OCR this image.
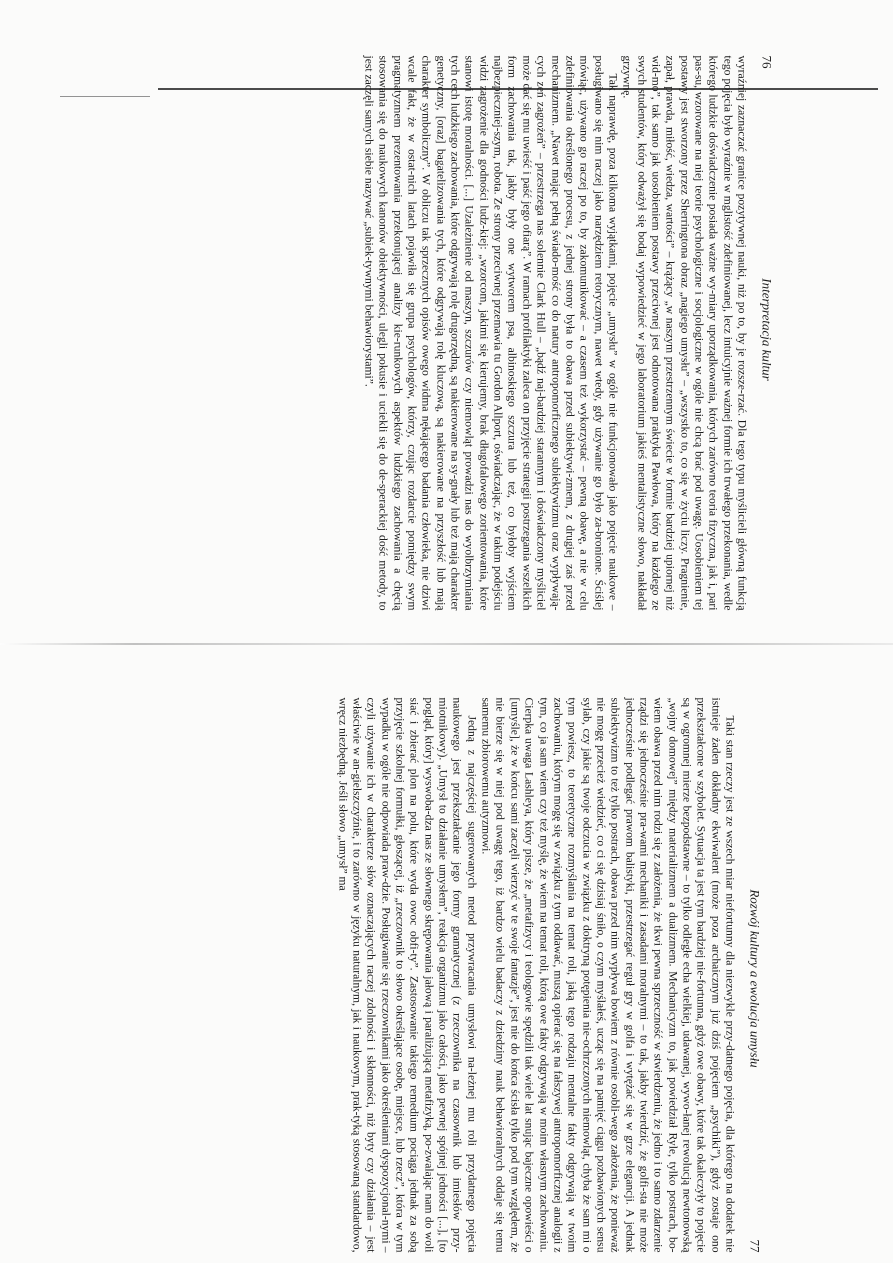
76
Interpretacja kultur

wyraźniej zaznaczać granice pozytywnej nauki, niż po to, by je rozsze-rzać. Dla tego typu myślicieli główną funkcją tego pojęcia było wyraźnie w mglistość zdefiniowanej, lecz intuicyjnie ważnej formie ich trwałego przekonania, wedle którego ludzkie doświadczenie posiada ważne wy-miary uporządkowania, których zarówno teoria fizyczna, jak i, pari pas-su, wzorowane na niej teorie psychologiczne i socjologiczne w ogóle nie chcą brać pod uwagę. Uosobieniem tej postawy jest stworzony przez Sherringtona obraz „nagiego umysłu” – „wszystko to, co się w życiu liczy. Pragnienie, zapał, prawda, miłość, wiedza, wartości” – krążący „w naszym przestrzennym świecie w formie bardziej upiornej niż wid-mo”, tak samo jak uosobieniem postawy przeciwnej jest odnotowana praktyka Pawłowa, który na każdego ze swych studentów, który odważył się bodaj wypowiedzieć w jego laboratorium jakieś mentalistyczne słowo, nakładał grzywnę.

Tak naprawdę, poza kilkoma wyjątkami, pojęcie „umysłu” w ogóle nie funkcjonowało jako pojęcie naukowe – posługiwano się nim raczej jako narzędziem retorycznym, nawet wtedy, gdy używanie go było za-bronione. Ściślej mówiąc, używano go raczej po to, by zakomunikować – a czasem też wykorzystać – pewną obawę, a nie w celu zdefiniowania określonego procesu, z jednej strony była to obawa przed subiektywi-zmem, z drugiej zaś przed mechanizmem. „Nawet mając pełną świado-mość co do natury antropomorficznego subiektywizmu oraz wypływają-cych zeń zagrożeń” – przestrzega nas solennie Clark Hull – „bądź naj-bardziej starannym i doświadczony myśliciel może dać się mu uwieść i paść jego ofiarą”. W ramach profilaktyki zaleca on przyjęcie strategii postrzegania wszelkich form zachowania tak, jakby były one wytworem psa, albinoskiego szczura lub też, co byłoby wyjściem najbezpieczniej-szym, robota. Ze strony przeciwnej przemawia tu Gordon Allport, oświadczając, że w takim podejściu widzi zagrożenie dla godności ludz-kiej: „wzorcom, jakimi się kierujemy, brak długofalowego zorientowania, które stanowi istotę moralności. [...] Uzależnienie od maszyn, szczurów czy niemowląt prowadzi nas do wyolbrzymiania tych cech ludzkiego zachowania, które odgrywają rolę drugorzędną, są nakierowane na sy-gnały lub też mają charakter genetyczny, [oraz] bagatelizowania tych, które odgrywają rolę kluczową, są nakierowane na przyszłość lub mają charakter symboliczny”. W obliczu tak sprzecznych opisów owego widma nękającego badania człowieka, nie dziwi wcale fakt, że w ostat-nich latach pojawiła się grupa psychologów, którzy, czując rozdarcie pomiędzy swym pragmatyzmem prezentowania przekonującej analizy kie-runkowych aspektów ludzkiego zachowania a chęcią stosowania się do naukowych kanonów obiektywności, ulegli pokusie i uciekli się do de-sperackiej dość metody, to jest zaczęli samych siebie nazywać „subiek-tywnymi behawiorystami”.

Rozwój kultury a ewolucja umysłu
77

Taki stan rzeczy jest ze wszech miar niefortunny dla niezwykle przy-datnego pojęcia, dla którego na dodatek nie istnieje żaden dokładny ekwiwalent (może poza archaicznym już dziś pojęciem „psychiki”), gdyż zostaje ono przekształcone w szybolet. Sytuacja ta jest tym bardziej nie-fortunna, gdyż owe obawy, które tak okaleczyły to pojęcie są w ogromnej mierze bezpodstawne – to tylko odległe echa wielkiej, udawanej, wywo-łanej rewolucją newtonowską „wojny domowej” między materializmem a dualizmem. Mechanicyzm to, jak powiedział Ryle, tylko postrach, bo-wiem obawa przed nim rodzi się z założenia, że tkwi pewna sprzeczność w stwierdzeniu, że jedno i to samo zdarzenie rządzi się jednocześnie pra-wami mechaniki i zasadami moralnymi – to tak, jakby twierdzić, że golfi-sta nie może jednocześnie podlegać prawom balistyki, przestrzegać reguł gry w golfa i wytężać się w grze elegancji. A jednak subiektywizm to też tylko postrach, obawa przed nim wypływa bowiem z równie osobli-wego założenia, że ponieważ nie mogę przecież wiedzieć, co ci się dzisiaj śniło, o czym myślałeś, ucząc się na pamięć ciągu pozbawionych sensu sylab, czy jakie są twoje odczucia w związku z doktryną potępienia nie-ochrzczonych niemowląt, chyba że sam mi o tym powiesz, to teoretyczne rozmyślania na temat roli, jaką tego rodzaju mentalne fakty odgrywają w twoim zachowaniu, którym mogę się w związku z tym oddawać, muszą opierać się na fałszywej antropomorficznej analogii z tym, co ja sam wiem czy też myślę, że wiem na temat roli, którą owe fakty odgrywają w moim własnym zachowaniu. Cierpka uwaga Lashleya, który pisze, że „metafizycy i teologowie spędzili tak wiele lat snując bajeczne opowieści o [umyśle], że w końcu sami zaczęli wierzyć w te swoje fantazje”, jest nie do końca ścisła tylko pod tym względem, że nie bierze się w niej pod uwagę tego, iż bardzo wielu badaczy z dziedziny nauk behawioralnych oddaje się temu samemu zbiorowemu autyzmowi.

Jedną z najczęściej sugerowanych metod przywracania umysłowi na-leżnej mu roli przydatnego pojęcia naukowego jest przekształcanie jego formy gramatycznej (z rzeczownika na czasownik lub imiesłów przy-miotnikowy). „Umysł to działanie umysłem”, reakcja organizmu jako całości, jako pewnej spójnej jedności [...], [to pogląd, który] wyswoba-dza nas ze słownego skrępowania jałową i paraliżującą metafizyką, po-zwalając nam do woli siać i zbierać plon na polu, które wyda owoc obfi-ty”. Zastosowanie takiego remedium pociąga jednak za sobą przyjęcie szkolnej formułki, głoszącej, iż „rzeczownik to słowo określające osobę, miejsce, lub rzecz”, która w tym wypadku w ogóle nie odpowiada praw-dzie. Posługiwanie się rzeczownikami jako określeniami dyspozycjonal-nymi – czyli używanie ich w charakterze słów oznaczających raczej zdolności i skłonności, niż byty czy działania – jest właściwie w an-gielszczyźnie, i to zarówno w języku naturalnym, jak i naukowym, prak-tyką stosowaną standardowo, wręcz niezbędną. Jeśli słowo „umysł” ma
